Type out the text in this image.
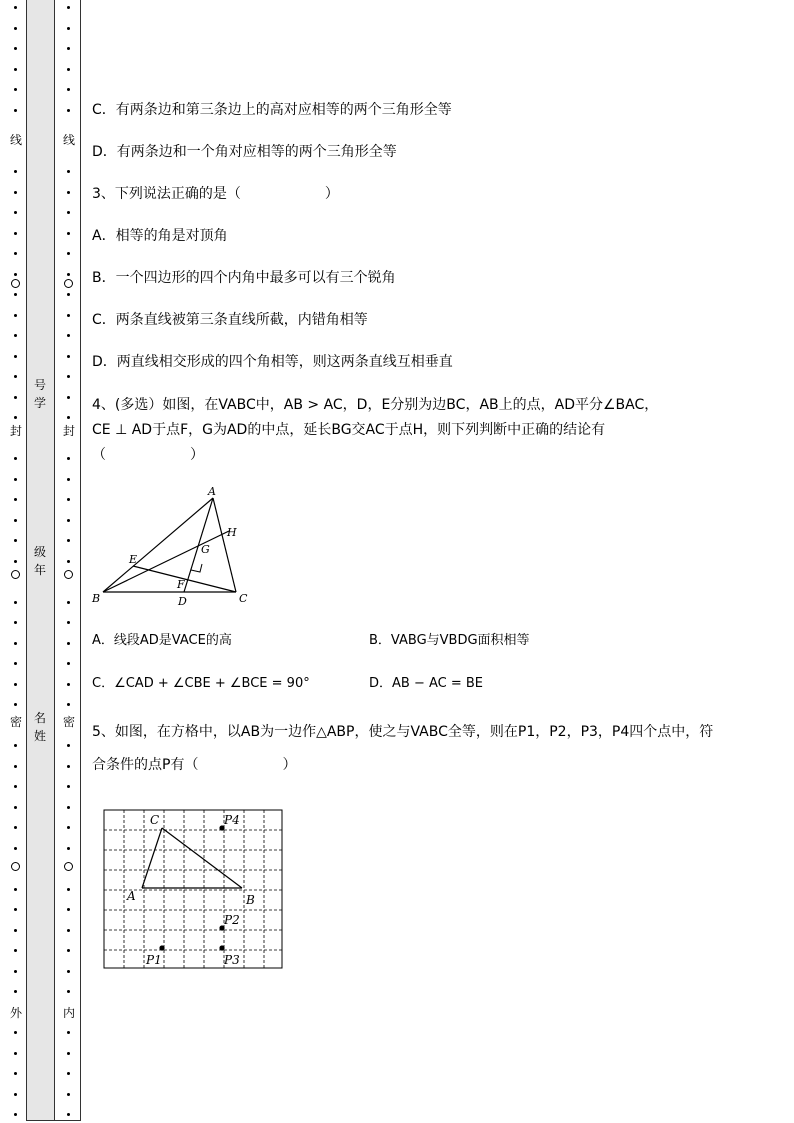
线
封
密
外
线
封
密
内
号学
级年
名姓
C．有两条边和第三条边上的高对应相等的两个三角形全等
D．有两条边和一个角对应相等的两个三角形全等
3、下列说法正确的是（　　　　　　）
A．相等的角是对顶角
B．一个四边形的四个内角中最多可以有三个锐角
C．两条直线被第三条直线所截，内错角相等
D．两直线相交形成的四个角相等，则这两条直线互相垂直
4、(多选）如图，在VABC中，AB > AC，D，E分别为边BC，AB上的点，AD平分∠BAC，
CE ⊥ AD于点F，G为AD的中点，延长BG交AC于点H，则下列判断中正确的结论有
（　　　　　　）
A
B	C
D
E
F
G
H
A．线段AD是VACE的高	B．VABG与VBDG面积相等
C．∠CAD + ∠CBE + ∠BCE = 90°	D．AB − AC = BE
5、如图，在方格中，以AB为一边作△ABP，使之与VABC全等，则在P1，P2，P3，P4四个点中，符
合条件的点P有（　　　　　　）
C
A	B
P4
P2
P1	P3
